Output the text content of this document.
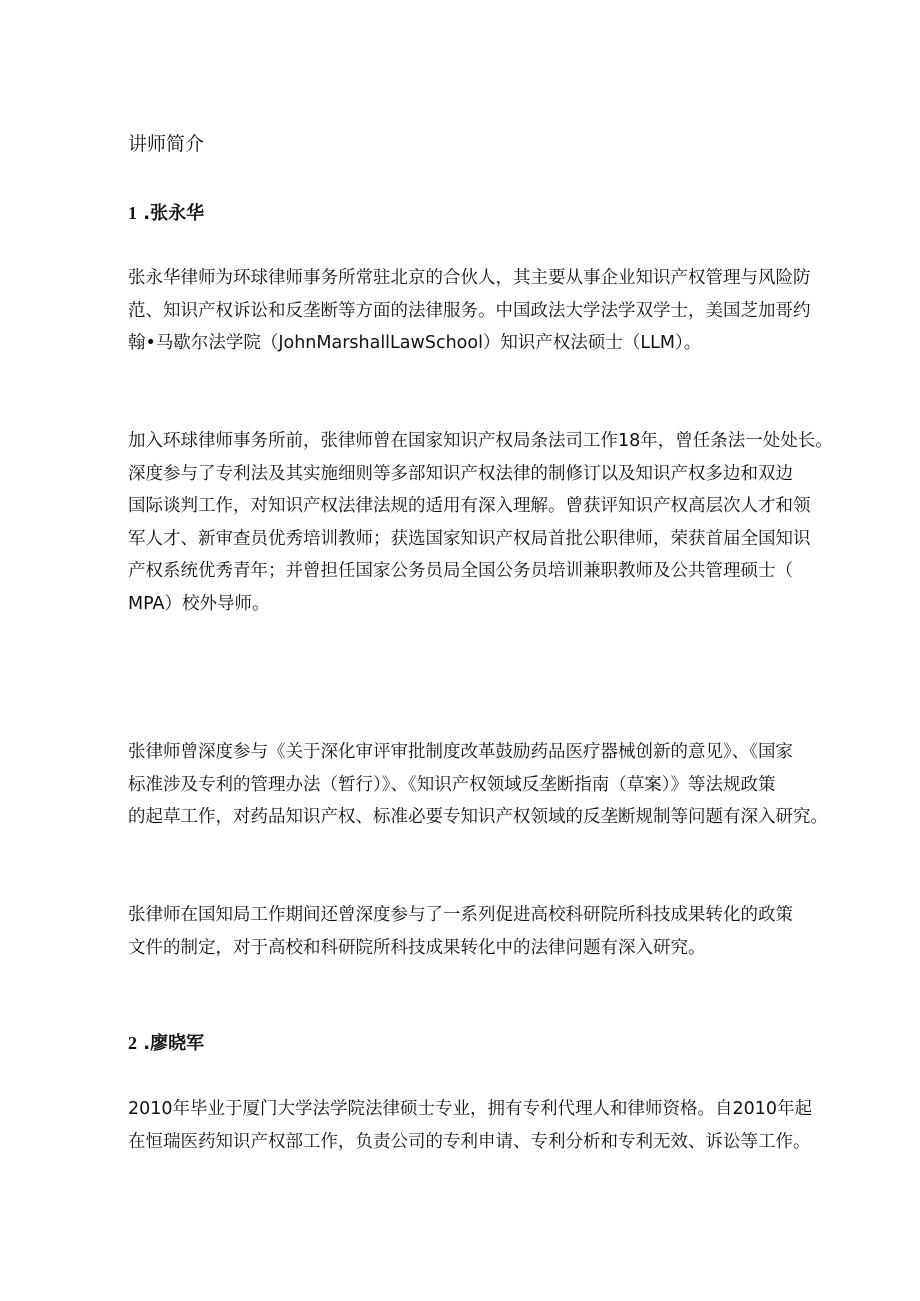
讲师简介
1 .张永华
张永华律师为环球律师事务所常驻北京的合伙人，其主要从事企业知识产权管理与风险防
范、知识产权诉讼和反垄断等方面的法律服务。中国政法大学法学双学士，美国芝加哥约
翰•马歇尔法学院（JohnMarshallLawSchool）知识产权法硕士（LLM）。
加入环球律师事务所前，张律师曾在国家知识产权局条法司工作18年，曾任条法一处处长。
深度参与了专利法及其实施细则等多部知识产权法律的制修订以及知识产权多边和双边
国际谈判工作，对知识产权法律法规的适用有深入理解。曾获评知识产权高层次人才和领
军人才、新审查员优秀培训教师；获选国家知识产权局首批公职律师，荣获首届全国知识
产权系统优秀青年；并曾担任国家公务员局全国公务员培训兼职教师及公共管理硕士（
MPA）校外导师。
张律师曾深度参与《关于深化审评审批制度改革鼓励药品医疗器械创新的意见》、《国家
标准涉及专利的管理办法（暂行）》、《知识产权领域反垄断指南（草案）》等法规政策
的起草工作，对药品知识产权、标准必要专知识产权领域的反垄断规制等问题有深入研究。
张律师在国知局工作期间还曾深度参与了一系列促进高校科研院所科技成果转化的政策
文件的制定，对于高校和科研院所科技成果转化中的法律问题有深入研究。
2 .廖晓军
2010年毕业于厦门大学法学院法律硕士专业，拥有专利代理人和律师资格。自2010年起
在恒瑞医药知识产权部工作，负责公司的专利申请、专利分析和专利无效、诉讼等工作。
